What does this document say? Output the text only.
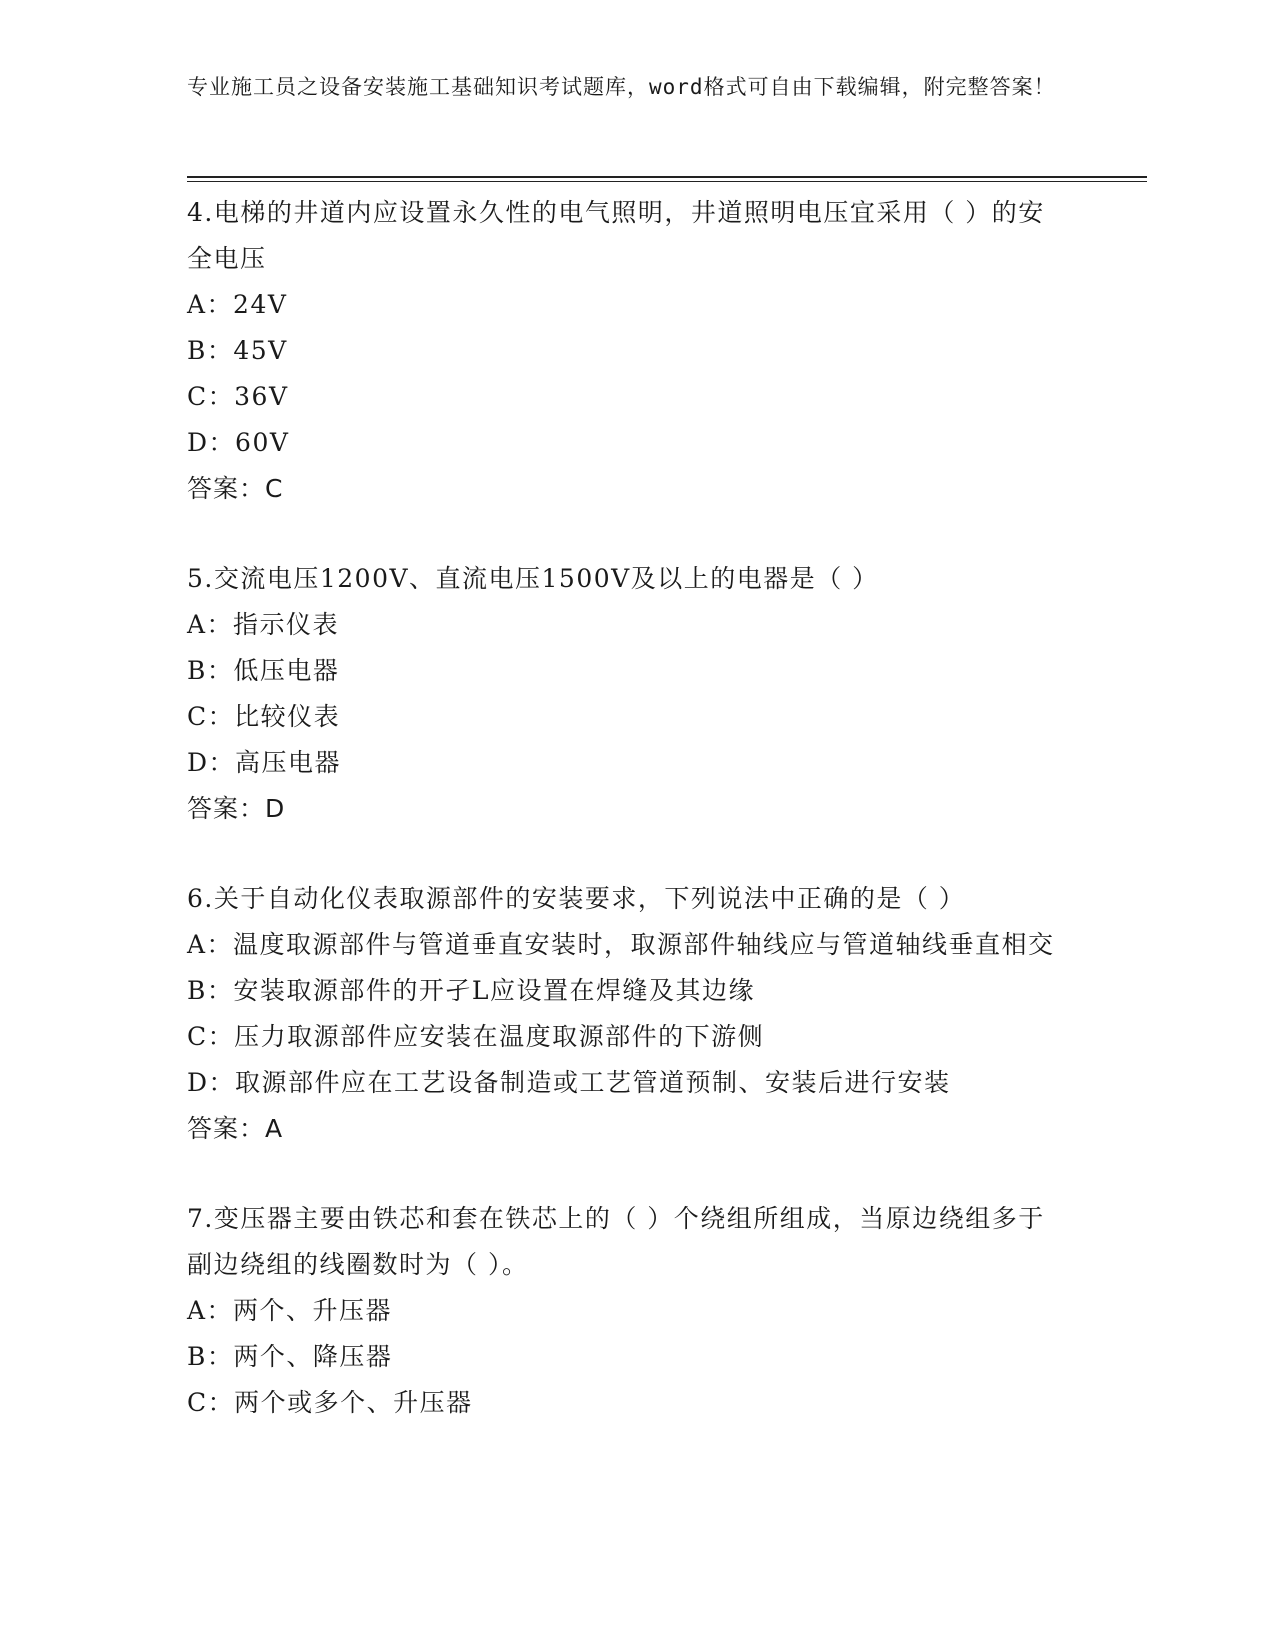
专业施工员之设备安装施工基础知识考试题库，word格式可自由下载编辑，附完整答案！

4.电梯的井道内应设置永久性的电气照明，井道照明电压宜采用（ ）的安全电压

A：24V

B：45V

C：36V

D：60V

答案：C

5.交流电压1200V、直流电压1500V及以上的电器是（ ）

A：指示仪表

B：低压电器

C：比较仪表

D：高压电器

答案：D

6.关于自动化仪表取源部件的安装要求，下列说法中正确的是（ ）

A：温度取源部件与管道垂直安装时，取源部件轴线应与管道轴线垂直相交

B：安装取源部件的开孑L应设置在焊缝及其边缘

C：压力取源部件应安装在温度取源部件的下游侧

D：取源部件应在工艺设备制造或工艺管道预制、安装后进行安装

答案：A

7.变压器主要由铁芯和套在铁芯上的（ ）个绕组所组成，当原边绕组多于副边绕组的线圈数时为（ ）。

A：两个、升压器

B：两个、降压器

C：两个或多个、升压器
